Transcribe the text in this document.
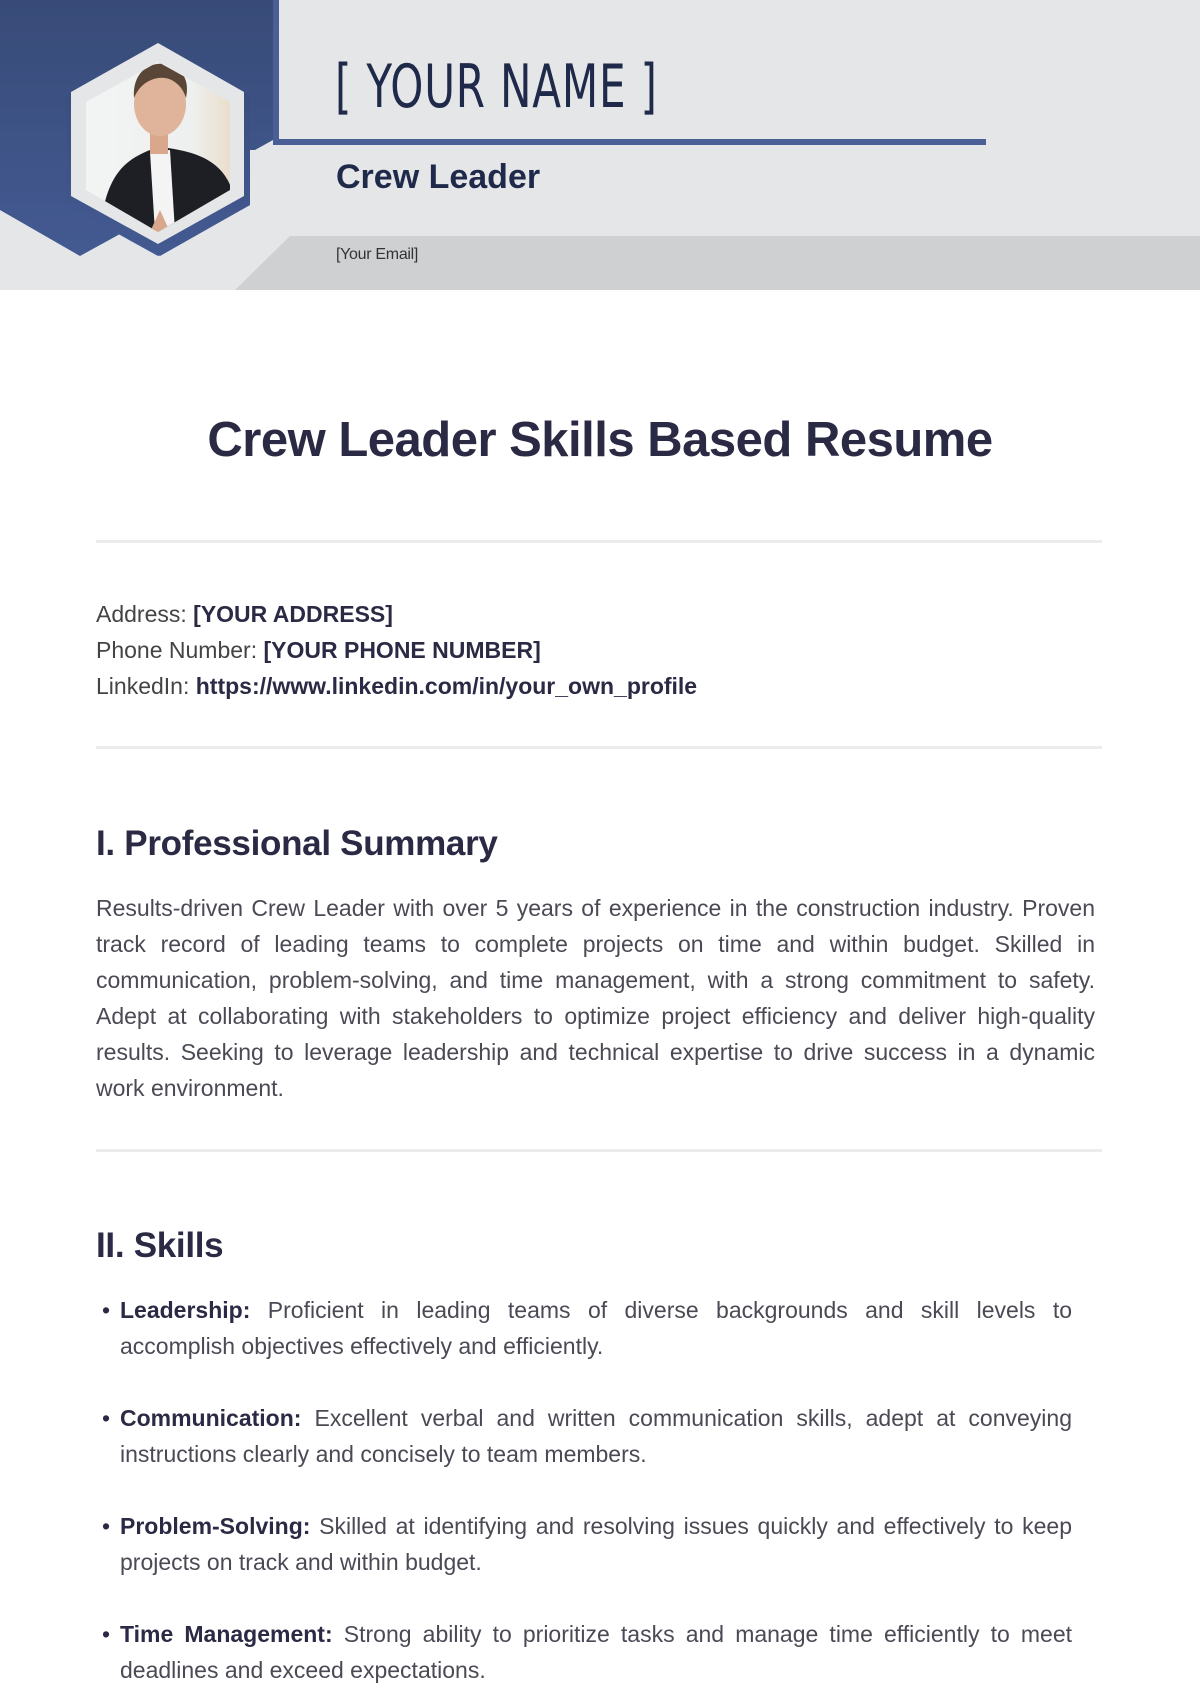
[ YOUR NAME ]
Crew Leader
[Your Email]
Crew Leader Skills Based Resume
Address: [YOUR ADDRESS]
Phone Number: [YOUR PHONE NUMBER]
LinkedIn: https://www.linkedin.com/in/your_own_profile
I. Professional Summary

Results-driven Crew Leader with over 5 years of experience in the construction industry. Proven track record of leading teams to complete projects on time and within budget. Skilled in communication, problem-solving, and time management, with a strong commitment to safety. Adept at collaborating with stakeholders to optimize project efficiency and deliver high-quality results. Seeking to leverage leadership and technical expertise to drive success in a dynamic work environment.

II. Skills
• Leadership: Proficient in leading teams of diverse backgrounds and skill levels to accomplish objectives effectively and efficiently.
• Communication: Excellent verbal and written communication skills, adept at conveying instructions clearly and concisely to team members.
• Problem-Solving: Skilled at identifying and resolving issues quickly and effectively to keep projects on track and within budget.
• Time Management: Strong ability to prioritize tasks and manage time efficiently to meet deadlines and exceed expectations.
